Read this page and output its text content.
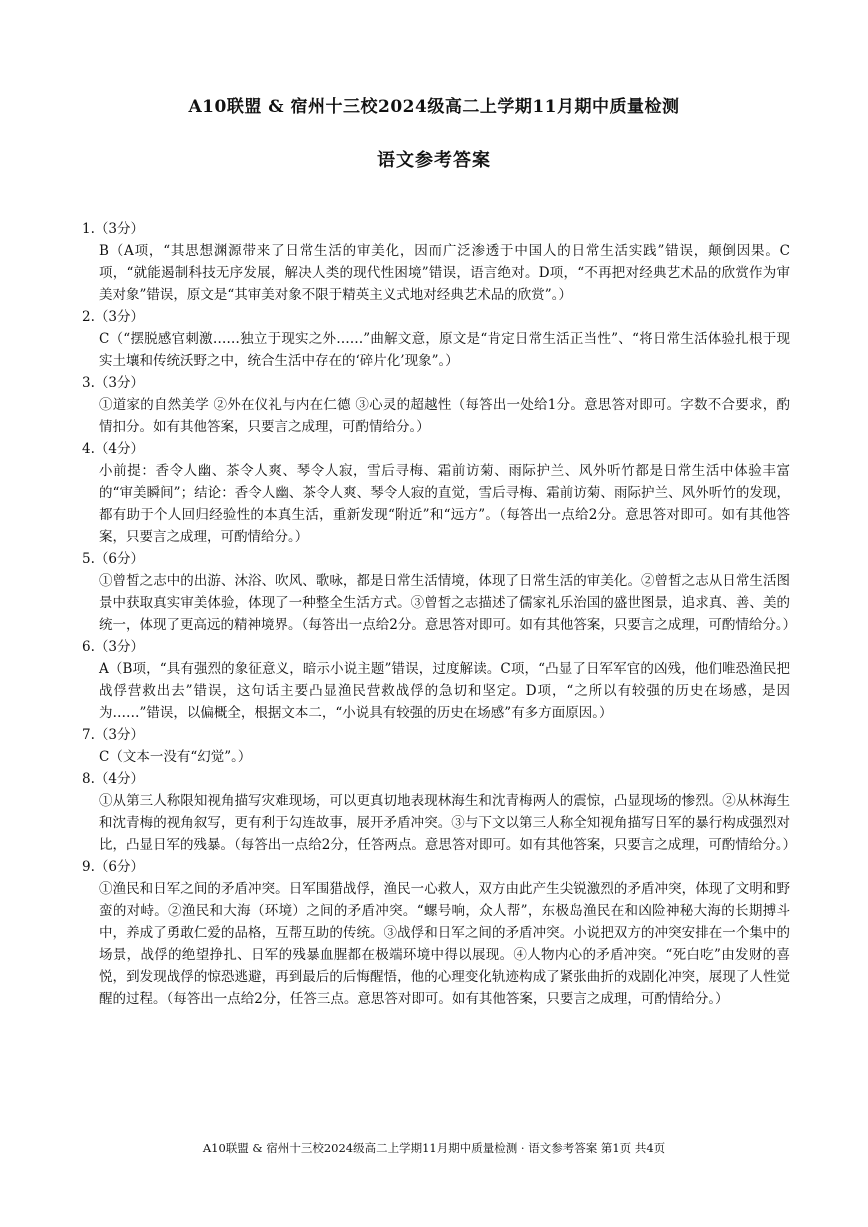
A10联盟 & 宿州十三校2024级高二上学期11月期中质量检测
语文参考答案
1.（3分）
B（A项，“其思想渊源带来了日常生活的审美化，因而广泛渗透于中国人的日常生活实践”错误，颠倒因果。C项，“就能遏制科技无序发展，解决人类的现代性困境”错误，语言绝对。D项，“不再把对经典艺术品的欣赏作为审美对象”错误，原文是“其审美对象不限于精英主义式地对经典艺术品的欣赏”。）
2.（3分）
C（“摆脱感官刺激……独立于现实之外……”曲解文意，原文是“肯定日常生活正当性”、“将日常生活体验扎根于现实土壤和传统沃野之中，统合生活中存在的‘碎片化’现象”。）
3.（3分）
①道家的自然美学 ②外在仪礼与内在仁德 ③心灵的超越性（每答出一处给1分。意思答对即可。字数不合要求，酌情扣分。如有其他答案，只要言之成理，可酌情给分。）
4.（4分）
小前提：香令人幽、茶令人爽、琴令人寂，雪后寻梅、霜前访菊、雨际护兰、风外听竹都是日常生活中体验丰富的“审美瞬间”；结论：香令人幽、茶令人爽、琴令人寂的直觉，雪后寻梅、霜前访菊、雨际护兰、风外听竹的发现，都有助于个人回归经验性的本真生活，重新发现“附近”和“远方”。（每答出一点给2分。意思答对即可。如有其他答案，只要言之成理，可酌情给分。）
5.（6分）
①曾皙之志中的出游、沐浴、吹风、歌咏，都是日常生活情境，体现了日常生活的审美化。②曾皙之志从日常生活图景中获取真实审美体验，体现了一种整全生活方式。③曾皙之志描述了儒家礼乐治国的盛世图景，追求真、善、美的统一，体现了更高远的精神境界。（每答出一点给2分。意思答对即可。如有其他答案，只要言之成理，可酌情给分。）
6.（3分）
A（B项，“具有强烈的象征意义，暗示小说主题”错误，过度解读。C项，“凸显了日军军官的凶残，他们唯恐渔民把战俘营救出去”错误，这句话主要凸显渔民营救战俘的急切和坚定。D项，“之所以有较强的历史在场感，是因为……”错误，以偏概全，根据文本二，“小说具有较强的历史在场感”有多方面原因。）
7.（3分）
C（文本一没有“幻觉”。）
8.（4分）
①从第三人称限知视角描写灾难现场，可以更真切地表现林海生和沈青梅两人的震惊，凸显现场的惨烈。②从林海生和沈青梅的视角叙写，更有利于勾连故事，展开矛盾冲突。③与下文以第三人称全知视角描写日军的暴行构成强烈对比，凸显日军的残暴。（每答出一点给2分，任答两点。意思答对即可。如有其他答案，只要言之成理，可酌情给分。）
9.（6分）
①渔民和日军之间的矛盾冲突。日军围猎战俘，渔民一心救人，双方由此产生尖锐激烈的矛盾冲突，体现了文明和野蛮的对峙。②渔民和大海（环境）之间的矛盾冲突。“螺号响，众人帮”，东极岛渔民在和凶险神秘大海的长期搏斗中，养成了勇敢仁爱的品格，互帮互助的传统。③战俘和日军之间的矛盾冲突。小说把双方的冲突安排在一个集中的场景，战俘的绝望挣扎、日军的残暴血腥都在极端环境中得以展现。④人物内心的矛盾冲突。“死白吃”由发财的喜悦，到发现战俘的惊恐逃避，再到最后的后悔醒悟，他的心理变化轨迹构成了紧张曲折的戏剧化冲突，展现了人性觉醒的过程。（每答出一点给2分，任答三点。意思答对即可。如有其他答案，只要言之成理，可酌情给分。）
A10联盟 & 宿州十三校2024级高二上学期11月期中质量检测 · 语文参考答案 第1页 共4页
